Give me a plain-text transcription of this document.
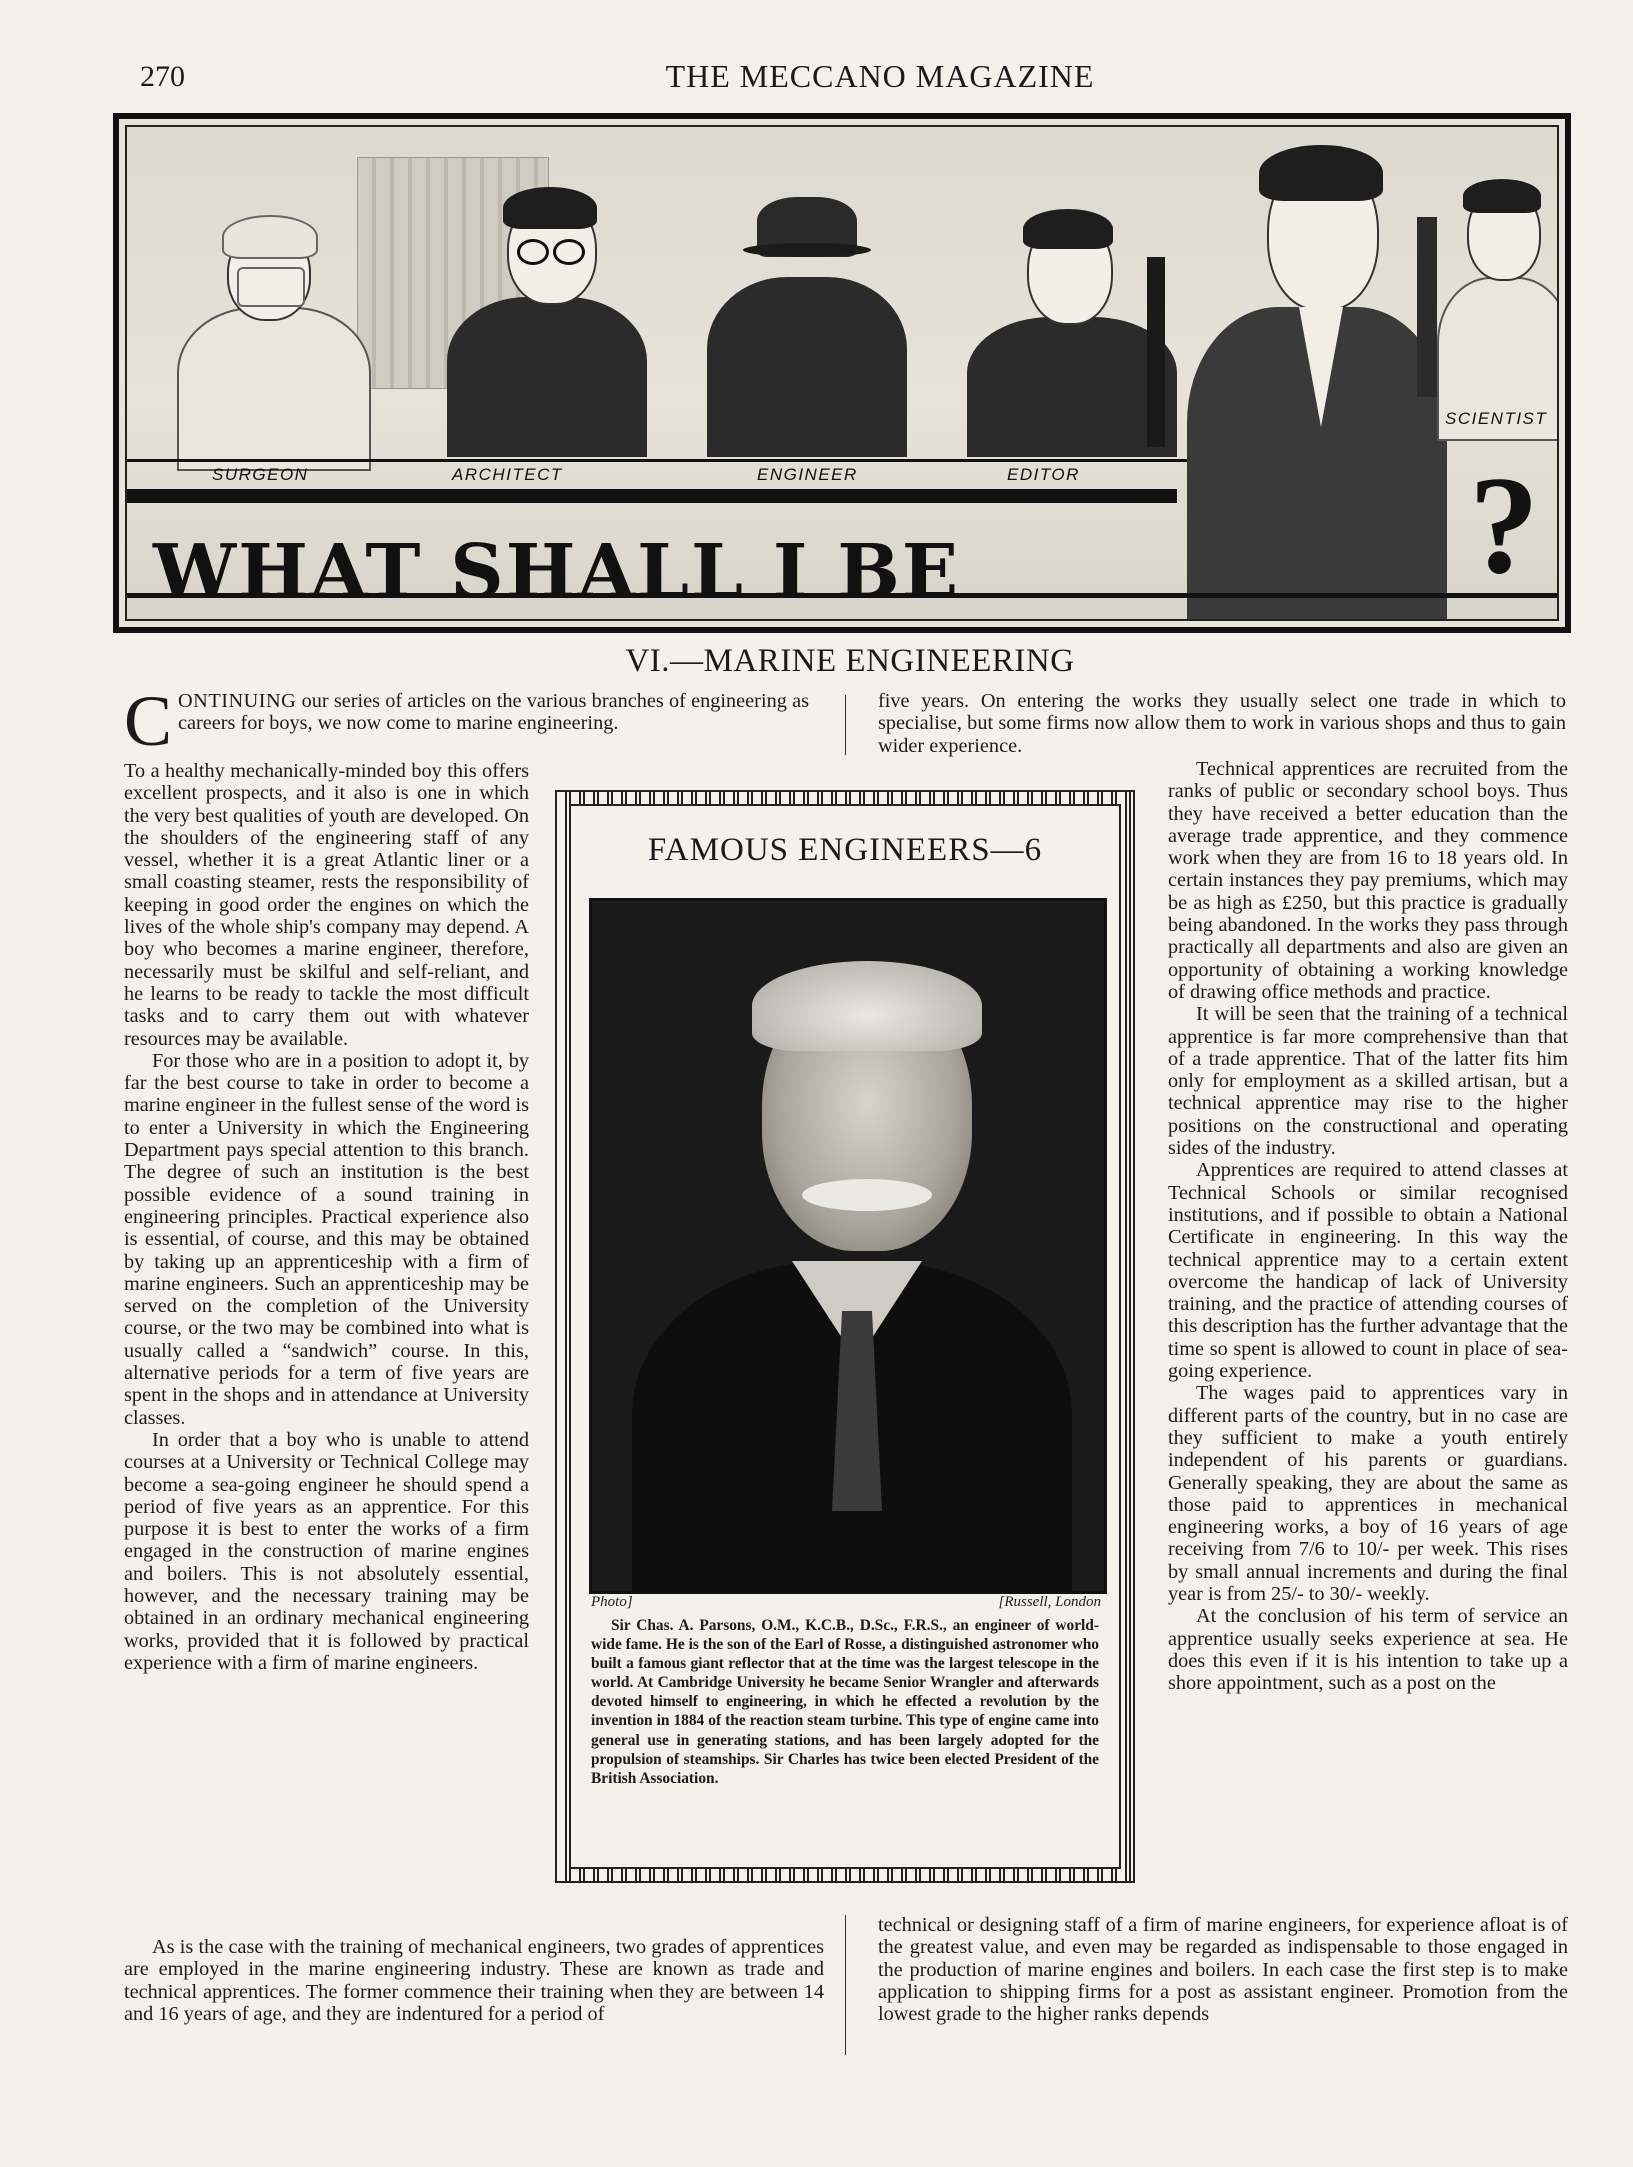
270	THE MECCANO MAGAZINE
SURGEON	ARCHITECT	ENGINEER	EDITOR
SCIENTIST
WHAT SHALL I BE	?
VI.—MARINE ENGINEERING
CONTINUING our series of articles on the various branches of engineering as careers for boys, we now come to marine engineering.

To a healthy mechanically-minded boy this offers excellent prospects, and it also is one in which the very best qualities of youth are developed. On the shoulders of the engineering staff of any vessel, whether it is a great Atlantic liner or a small coasting steamer, rests the responsibility of keeping in good order the engines on which the lives of the whole ship's company may depend. A boy who becomes a marine engineer, therefore, necessarily must be skilful and self-reliant, and he learns to be ready to tackle the most difficult tasks and to carry them out with whatever resources may be available.

For those who are in a position to adopt it, by far the best course to take in order to become a marine engineer in the fullest sense of the word is to enter a University in which the Engineering Department pays special attention to this branch. The degree of such an institution is the best possible evidence of a sound training in engineering principles. Practical experience also is essential, of course, and this may be obtained by taking up an apprenticeship with a firm of marine engineers. Such an apprenticeship may be served on the completion of the University course, or the two may be combined into what is usually called a “sandwich” course. In this, alternative periods for a term of five years are spent in the shops and in attendance at University classes.

In order that a boy who is unable to attend courses at a University or Technical College may become a sea-going engineer he should spend a period of five years as an apprentice. For this purpose it is best to enter the works of a firm engaged in the construction of marine engines and boilers. This is not absolutely essential, however, and the necessary training may be obtained in an ordinary mechanical engineering works, provided that it is followed by practical experience with a firm of marine engineers.

five years. On entering the works they usually select one trade in which to specialise, but some firms now allow them to work in various shops and thus to gain wider experience.

Technical apprentices are recruited from the ranks of public or secondary school boys. Thus they have received a better education than the average trade apprentice, and they commence work when they are from 16 to 18 years old. In certain instances they pay premiums, which may be as high as £250, but this practice is gradually being abandoned. In the works they pass through practically all departments and also are given an opportunity of obtaining a working knowledge of drawing office methods and practice.

It will be seen that the training of a technical apprentice is far more comprehensive than that of a trade apprentice. That of the latter fits him only for employment as a skilled artisan, but a technical apprentice may rise to the higher positions on the constructional and operating sides of the industry.

Apprentices are required to attend classes at Technical Schools or similar recognised institutions, and if possible to obtain a National Certificate in engineering. In this way the technical apprentice may to a certain extent overcome the handicap of lack of University training, and the practice of attending courses of this description has the further advantage that the time so spent is allowed to count in place of sea-going experience.

The wages paid to apprentices vary in different parts of the country, but in no case are they sufficient to make a youth entirely independent of his parents or guardians. Generally speaking, they are about the same as those paid to apprentices in mechanical engineering works, a boy of 16 years of age receiving from 7/6 to 10/- per week. This rises by small annual increments and during the final year is from 25/- to 30/- weekly.

At the conclusion of his term of service an apprentice usually seeks experience at sea. He does this even if it is his intention to take up a shore appointment, such as a post on the

As is the case with the training of mechanical engineers, two grades of apprentices are employed in the marine engineering industry. These are known as trade and technical apprentices. The former commence their training when they are between 14 and 16 years of age, and they are indentured for a period of

technical or designing staff of a firm of marine engineers, for experience afloat is of the greatest value, and even may be regarded as indispensable to those engaged in the production of marine engines and boilers. In each case the first step is to make application to shipping firms for a post as assistant engineer. Promotion from the lowest grade to the higher ranks depends

FAMOUS ENGINEERS—6
Photo]	[Russell, London

Sir Chas. A. Parsons, O.M., K.C.B., D.Sc., F.R.S., an engineer of world-wide fame. He is the son of the Earl of Rosse, a distinguished astronomer who built a famous giant reflector that at the time was the largest telescope in the world. At Cambridge University he became Senior Wrangler and afterwards devoted himself to engineering, in which he effected a revolution by the invention in 1884 of the reaction steam turbine. This type of engine came into general use in generating stations, and has been largely adopted for the propulsion of steamships. Sir Charles has twice been elected President of the British Association.
